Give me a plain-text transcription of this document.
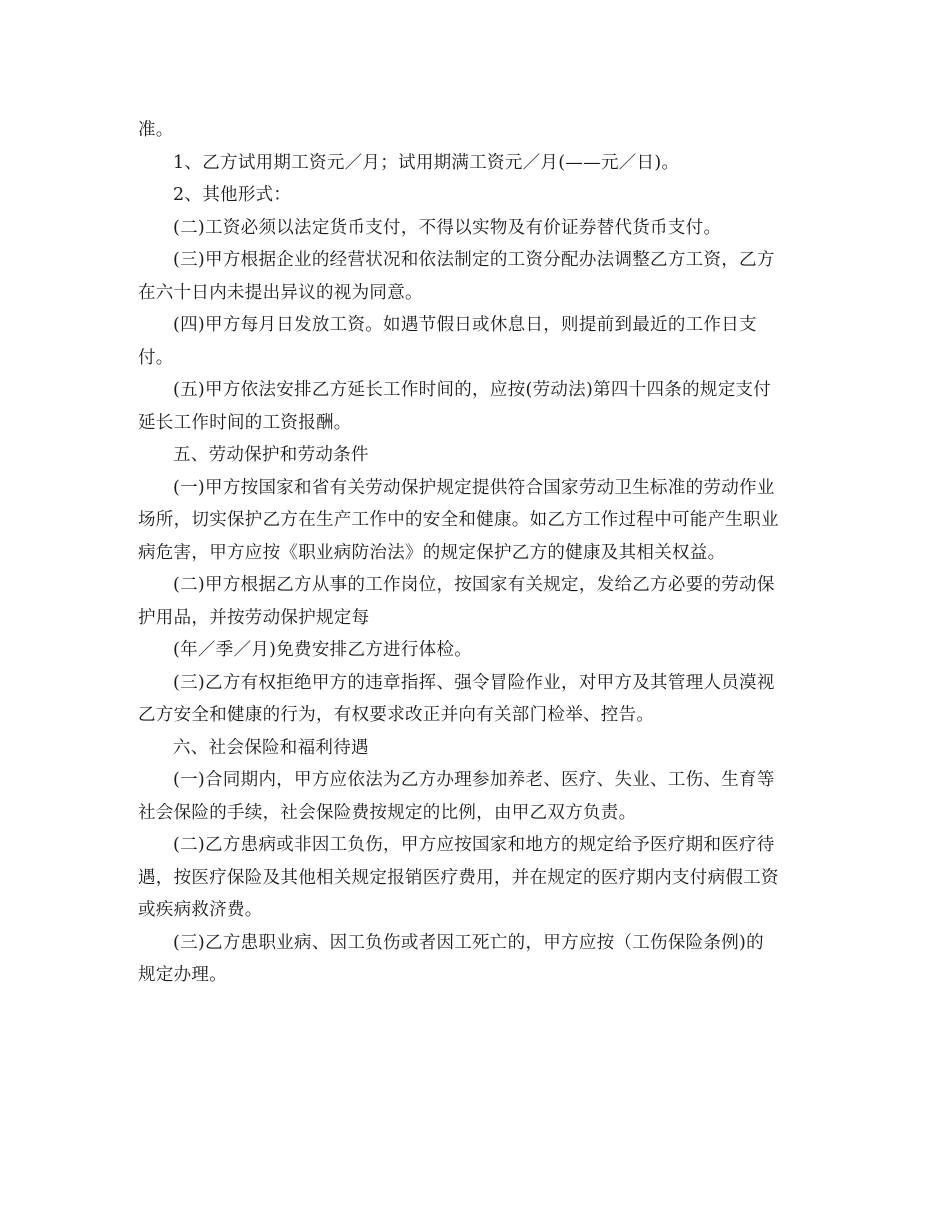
准。

1、乙方试用期工资元／月；试用期满工资元／月(——元／日)。

2、其他形式：

(二)工资必须以法定货币支付，不得以实物及有价证券替代货币支付。

(三)甲方根据企业的经营状况和依法制定的工资分配办法调整乙方工资，乙方

在六十日内未提出异议的视为同意。

(四)甲方每月日发放工资。如遇节假日或休息日，则提前到最近的工作日支

付。

(五)甲方依法安排乙方延长工作时间的，应按(劳动法)第四十四条的规定支付

延长工作时间的工资报酬。

五、劳动保护和劳动条件

(一)甲方按国家和省有关劳动保护规定提供符合国家劳动卫生标准的劳动作业

场所，切实保护乙方在生产工作中的安全和健康。如乙方工作过程中可能产生职业

病危害，甲方应按《职业病防治法》的规定保护乙方的健康及其相关权益。

(二)甲方根据乙方从事的工作岗位，按国家有关规定，发给乙方必要的劳动保

护用品，并按劳动保护规定每

(年／季／月)免费安排乙方进行体检。

(三)乙方有权拒绝甲方的违章指挥、强令冒险作业，对甲方及其管理人员漠视

乙方安全和健康的行为，有权要求改正并向有关部门检举、控告。

六、社会保险和福利待遇

(一)合同期内，甲方应依法为乙方办理参加养老、医疗、失业、工伤、生育等

社会保险的手续，社会保险费按规定的比例，由甲乙双方负责。

(二)乙方患病或非因工负伤，甲方应按国家和地方的规定给予医疗期和医疗待

遇，按医疗保险及其他相关规定报销医疗费用，并在规定的医疗期内支付病假工资

或疾病救济费。

(三)乙方患职业病、因工负伤或者因工死亡的，甲方应按（工伤保险条例)的

规定办理。
